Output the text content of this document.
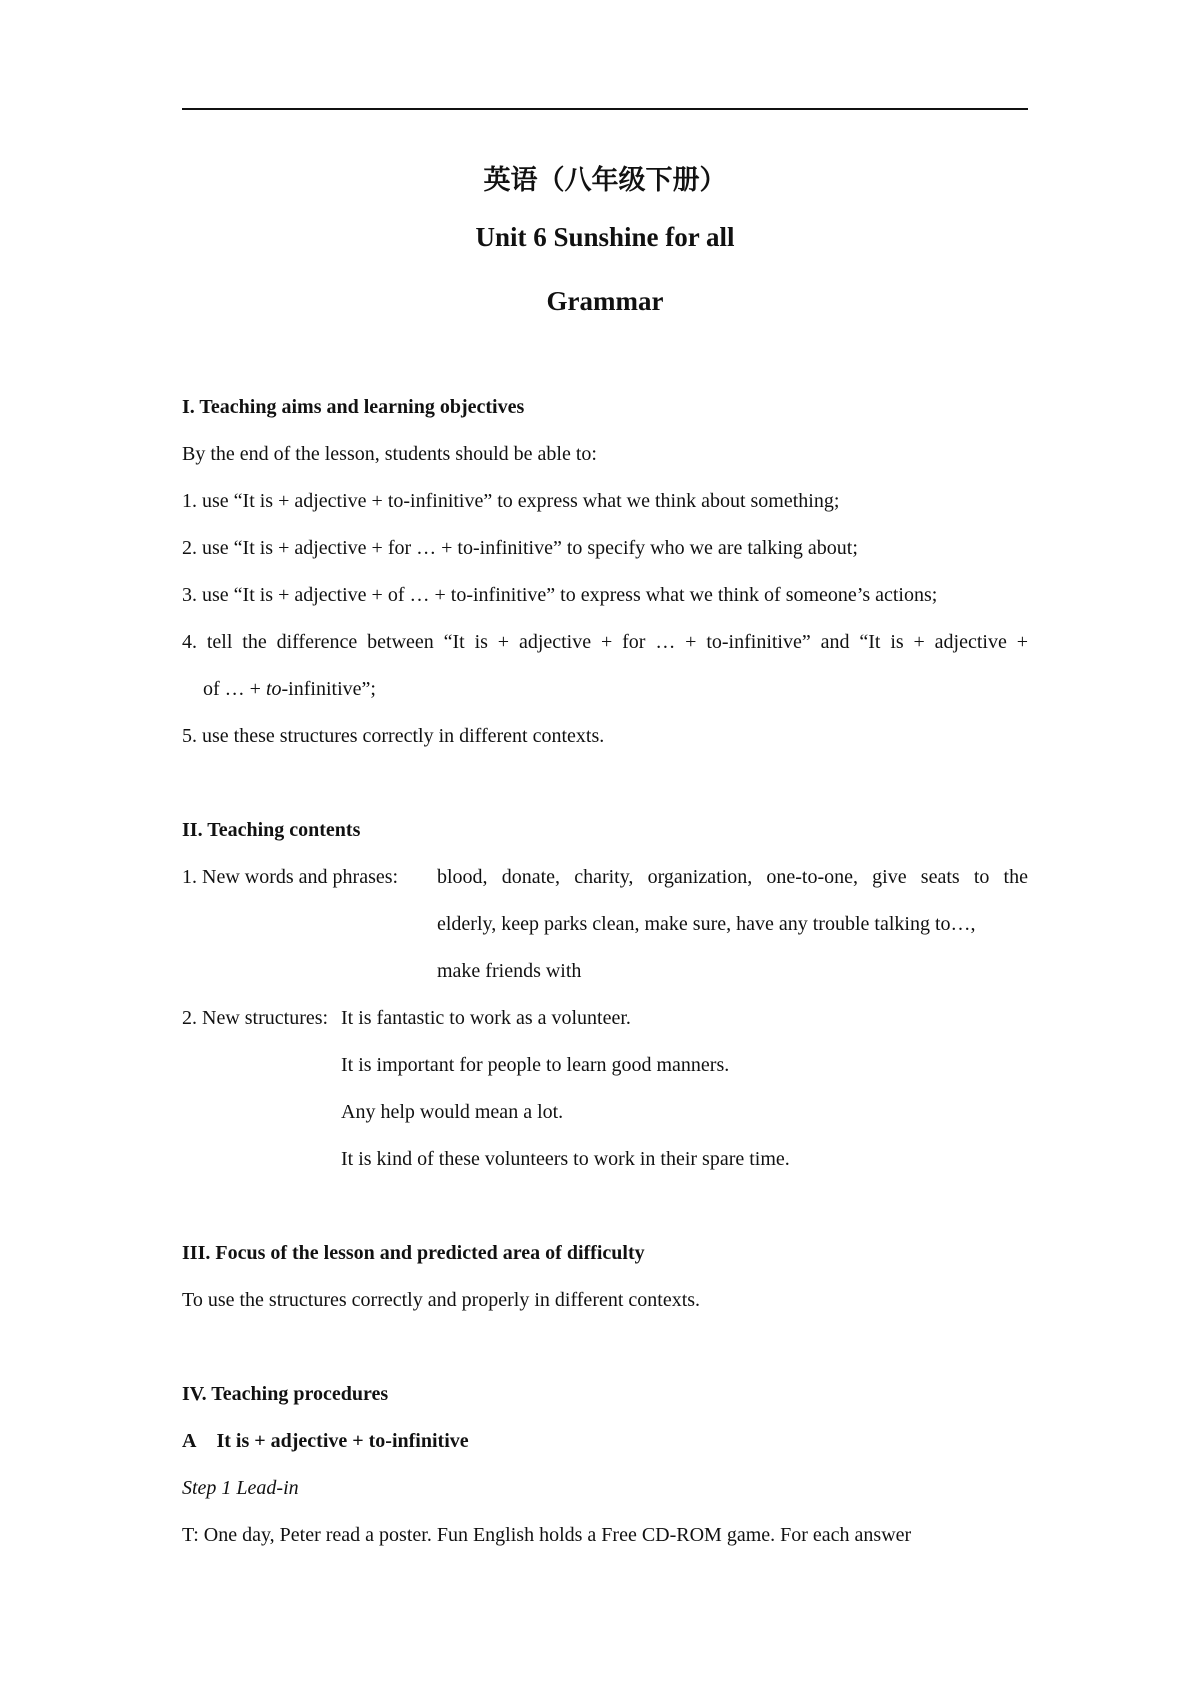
英语（八年级下册）
Unit 6 Sunshine for all
Grammar

I. Teaching aims and learning objectives

By the end of the lesson, students should be able to:

1. use “It is + adjective + to-infinitive” to express what we think about something;

2. use “It is + adjective + for … + to-infinitive” to specify who we are talking about;

3. use “It is + adjective + of … + to-infinitive” to express what we think of someone’s actions;

4. tell the difference between “It is + adjective + for … + to-infinitive” and “It is + adjective +

of … + to-infinitive”;

5. use these structures correctly in different contexts.

II. Teaching contents

1. New words and phrases:	blood, donate, charity, organization, one-to-one, give seats to the

elderly, keep parks clean, make sure, have any trouble talking to…,

make friends with

2. New structures: It is fantastic to work as a volunteer.

It is important for people to learn good manners.

Any help would mean a lot.

It is kind of these volunteers to work in their spare time.

III. Focus of the lesson and predicted area of difficulty

To use the structures correctly and properly in different contexts.

IV. Teaching procedures

A    It is + adjective + to-infinitive

Step 1 Lead-in

T: One day, Peter read a poster. Fun English holds a Free CD-ROM game. For each answer
